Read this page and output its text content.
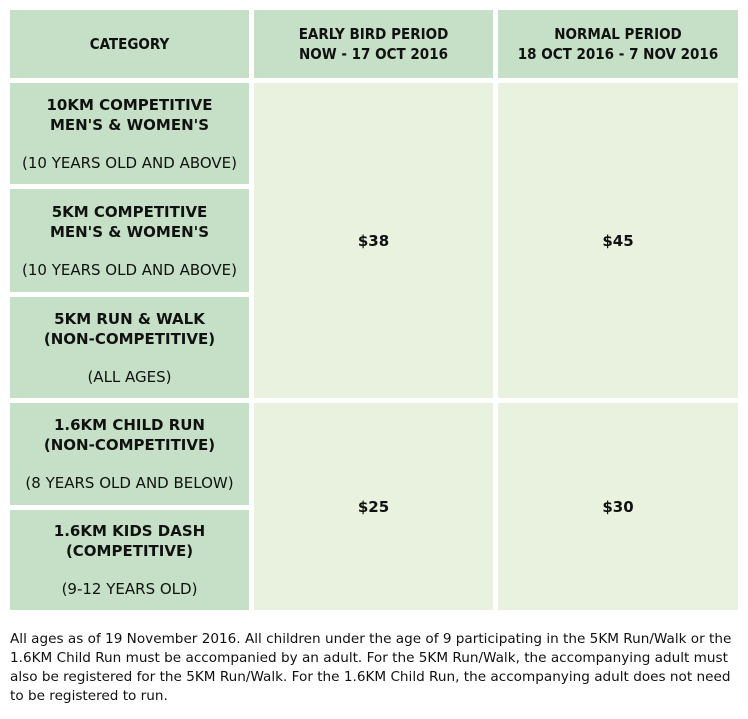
CATEGORY
EARLY BIRD PERIOD
NOW - 17 OCT 2016
NORMAL PERIOD
18 OCT 2016 - 7 NOV 2016
10KM COMPETITIVE
MEN'S & WOMEN'S
(10 YEARS OLD AND ABOVE)
5KM COMPETITIVE
MEN'S & WOMEN'S
(10 YEARS OLD AND ABOVE)
5KM RUN & WALK
(NON-COMPETITIVE)
(ALL AGES)
1.6KM CHILD RUN
(NON-COMPETITIVE)
(8 YEARS OLD AND BELOW)
1.6KM KIDS DASH
(COMPETITIVE)
(9-12 YEARS OLD)
$38	$45
$25	$30
All ages as of 19 November 2016. All children under the age of 9 participating in the 5KM Run/Walk or the 1.6KM Child Run must be accompanied by an adult. For the 5KM Run/Walk, the accompanying adult must also be registered for the 5KM Run/Walk. For the 1.6KM Child Run, the accompanying adult does not need to be registered to run.
